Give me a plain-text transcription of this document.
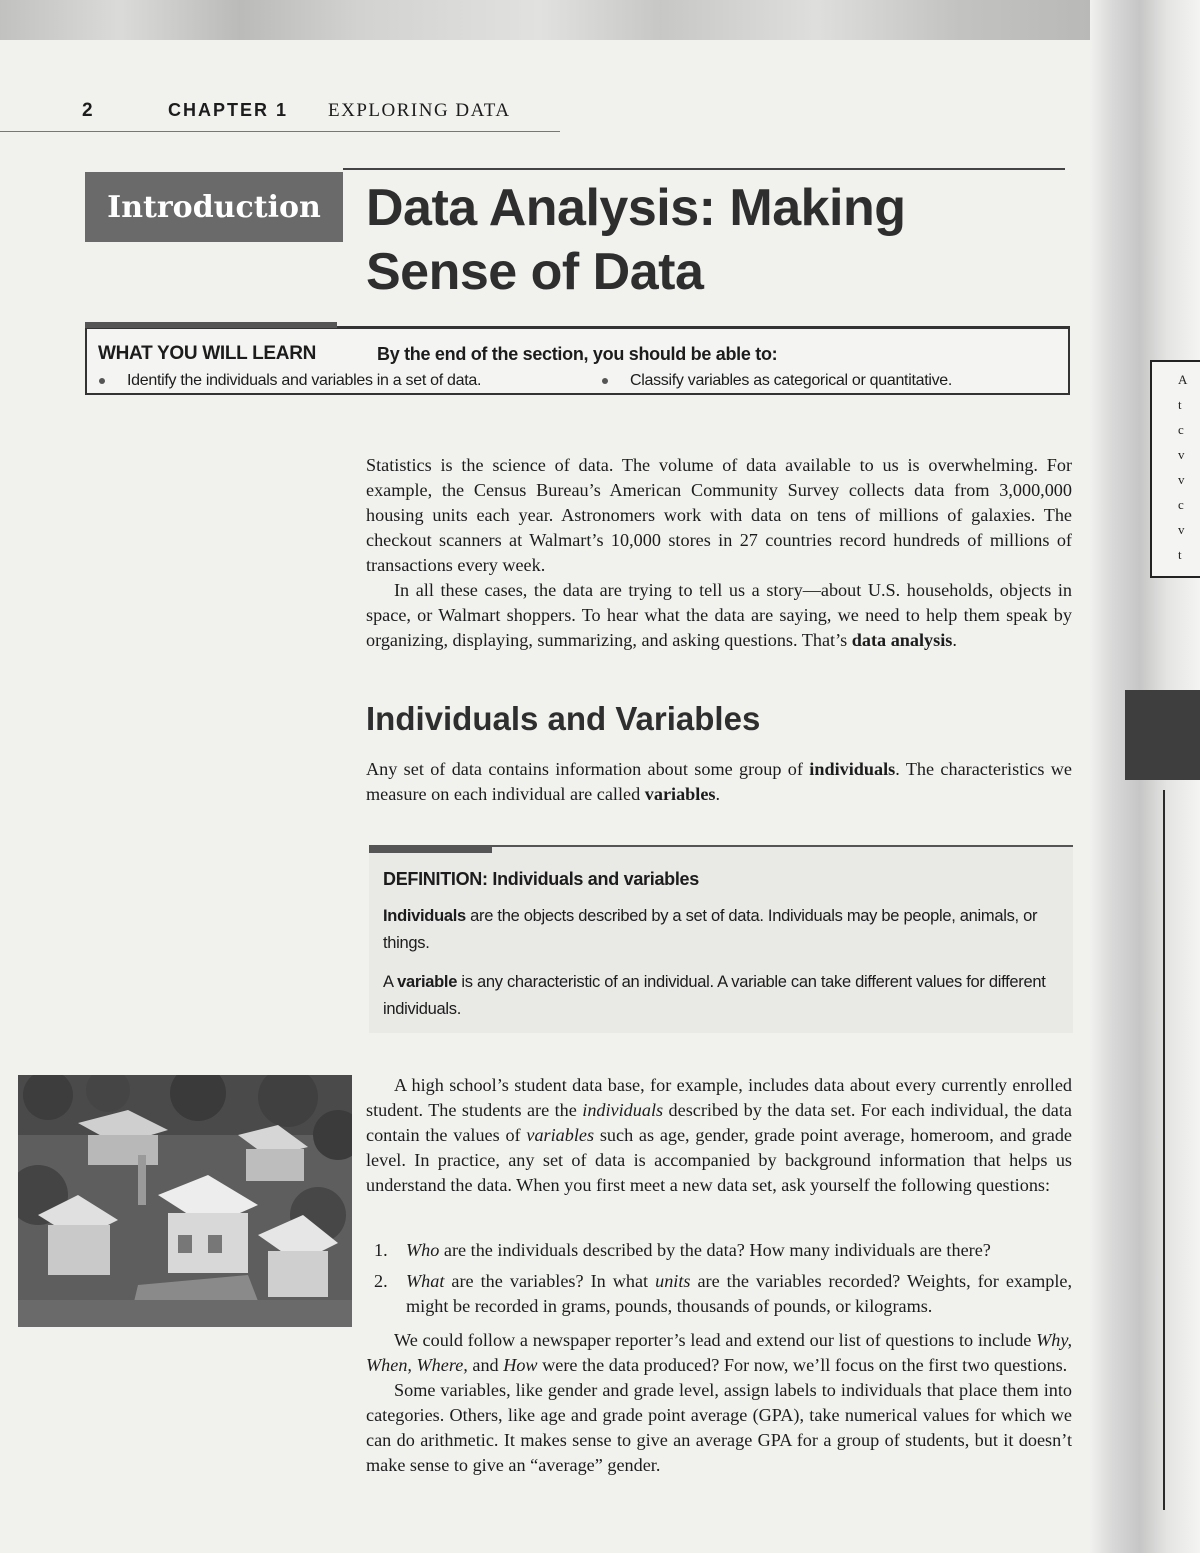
A
t
c
v
v
c
v
t
2	CHAPTER 1	EXPLORING DATA
Introduction Data Analysis: Making Sense of Data
WHAT YOU WILL LEARN	By the end of the section, you should be able to:
Identify the individuals and variables in a set of data.	Classify variables as categorical or quantitative.

Statistics is the science of data. The volume of data available to us is overwhelming. For example, the Census Bureau’s American Community Survey collects data from 3,000,000 housing units each year. Astronomers work with data on tens of millions of galaxies. The checkout scanners at Walmart’s 10,000 stores in 27 countries record hundreds of millions of transactions every week.

In all these cases, the data are trying to tell us a story—about U.S. households, objects in space, or Walmart shoppers. To hear what the data are saying, we need to help them speak by organizing, displaying, summarizing, and asking questions. That’s data analysis.

Individuals and Variables

Any set of data contains information about some group of individuals. The characteristics we measure on each individual are called variables.

DEFINITION: Individuals and variables

Individuals are the objects described by a set of data. Individuals may be people, animals, or things.

A variable is any characteristic of an individual. A variable can take different values for different individuals.

A high school’s student data base, for example, includes data about every currently enrolled student. The students are the individuals described by the data set. For each individual, the data contain the values of variables such as age, gender, grade point average, homeroom, and grade level. In practice, any set of data is accompanied by background information that helps us understand the data. When you first meet a new data set, ask yourself the following questions:

1. Who are the individuals described by the data? How many individuals are there?
2. What are the variables? In what units are the variables recorded? Weights, for example, might be recorded in grams, pounds, thousands of pounds, or kilograms.

We could follow a newspaper reporter’s lead and extend our list of questions to include Why, When, Where, and How were the data produced? For now, we’ll focus on the first two questions.

Some variables, like gender and grade level, assign labels to individuals that place them into categories. Others, like age and grade point average (GPA), take numerical values for which we can do arithmetic. It makes sense to give an average GPA for a group of students, but it doesn’t make sense to give an “average” gender.
